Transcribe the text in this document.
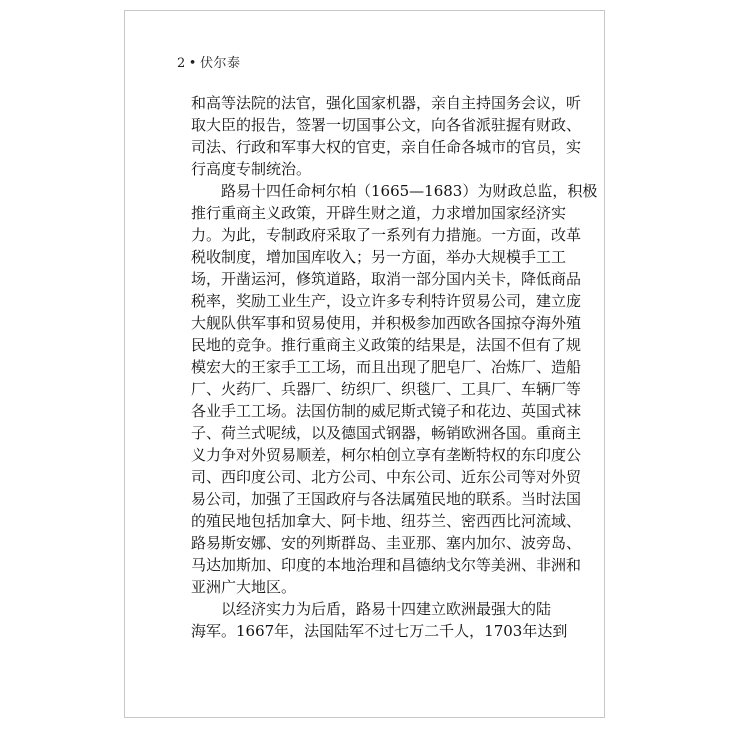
2 • 伏尔泰
和高等法院的法官，强化国家机器，亲自主持国务会议，听
取大臣的报告，签署一切国事公文，向各省派驻握有财政、
司法、行政和军事大权的官吏，亲自任命各城市的官员，实
行高度专制统治。
路易十四任命柯尔柏（1665—1683）为财政总监，积极
推行重商主义政策，开辟生财之道，力求增加国家经济实
力。为此，专制政府采取了一系列有力措施。一方面，改革
税收制度，增加国库收入；另一方面，举办大规模手工工
场，开凿运河，修筑道路，取消一部分国内关卡，降低商品
税率，奖励工业生产，设立许多专利特许贸易公司，建立庞
大舰队供军事和贸易使用，并积极参加西欧各国掠夺海外殖
民地的竞争。推行重商主义政策的结果是，法国不但有了规
模宏大的王家手工工场，而且出现了肥皂厂、冶炼厂、造船
厂、火药厂、兵器厂、纺织厂、织毯厂、工具厂、车辆厂等
各业手工工场。法国仿制的威尼斯式镜子和花边、英国式袜
子、荷兰式呢绒，以及德国式钢器，畅销欧洲各国。重商主
义力争对外贸易顺差，柯尔柏创立享有垄断特权的东印度公
司、西印度公司、北方公司、中东公司、近东公司等对外贸
易公司，加强了王国政府与各法属殖民地的联系。当时法国
的殖民地包括加拿大、阿卡地、纽芬兰、密西西比河流域、
路易斯安娜、安的列斯群岛、圭亚那、塞内加尔、波旁岛、
马达加斯加、印度的本地治理和昌德纳戈尔等美洲、非洲和
亚洲广大地区。
以经济实力为后盾，路易十四建立欧洲最强大的陆
海军。1667年，法国陆军不过七万二千人，1703年达到
